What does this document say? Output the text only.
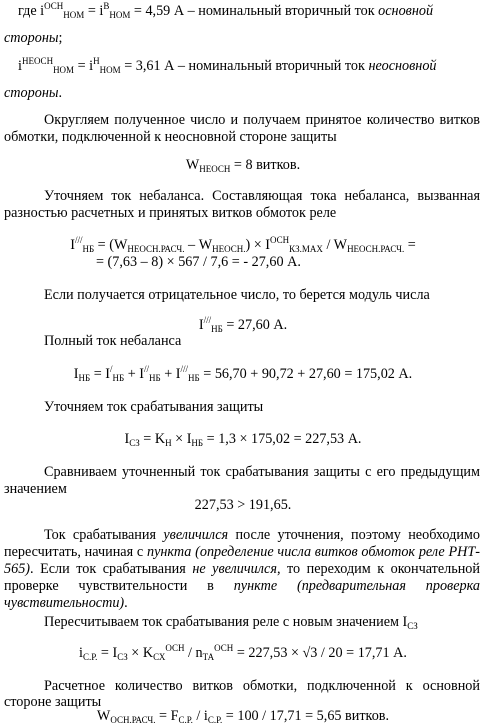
где $i^{ОСН}_{НОМ} = i^В_{НОМ} = 4,59$ А – номинальный вторичный ток основной
стороны;
$i^{НЕОСН}_{НОМ} = i^Н_{НОМ} = 3,61$ А – номинальный вторичный ток неосновной
стороны.
Округляем полученное число и получаем принятое количество витков
обмотки, подключенной к неосновной стороне защиты
$W_{НЕОСН} = 8$ витков.
Уточняем ток небаланса. Составляющая тока небаланса, вызванная
разностью расчетных и принятых витков обмоток реле
$I^{///}_{НБ} = (W_{НЕОСН.РАСЧ.} - W_{НЕОСН.}) \times I^{ОСН}_{КЗ.MAX} / W_{НЕОСН.РАСЧ.}$ =
= (7,63 – 8) × 567 / 7,6 = - 27,60 А.
Если получается отрицательное число, то берется модуль числа
$I^{///}_{НБ} = 27,60$ А.
Полный ток небаланса
$I_{НБ} = I^/_{НБ} + I^{//}_{НБ} + I^{///}_{НБ} = 56,70 + 90,72 + 27,60 = 175,02$ А.
Уточняем ток срабатывания защиты
$I_{СЗ} = K_Н \times I_{НБ} = 1,3 \times 175,02 = 227,53$ А.
Сравниваем уточненный ток срабатывания защиты с его предыдущим
значением
227,53 > 191,65.
Ток срабатывания увеличился после уточнения, поэтому необходимо
пересчитать, начиная с пункта (определение числа витков обмоток реле РНТ-
565). Если ток срабатывания не увеличился, то переходим к окончательной
проверке чувствительности в пункте (предварительная проверка
чувствительности).
Пересчитываем ток срабатывания реле с новым значением $I_{СЗ}$
$i_{С.Р.} = I_{СЗ} \times K_{СХ}^{ОСН} / n_{ТА}^{ОСН} = 227,53 \times √3 / 20 = 17,71$ А.
Расчетное количество витков обмотки, подключенной к основной
стороне защиты
$W_{ОСН.РАСЧ.} = F_{С.Р.} / i_{С.Р.} = 100 / 17,71 = 5,65$ витков.
